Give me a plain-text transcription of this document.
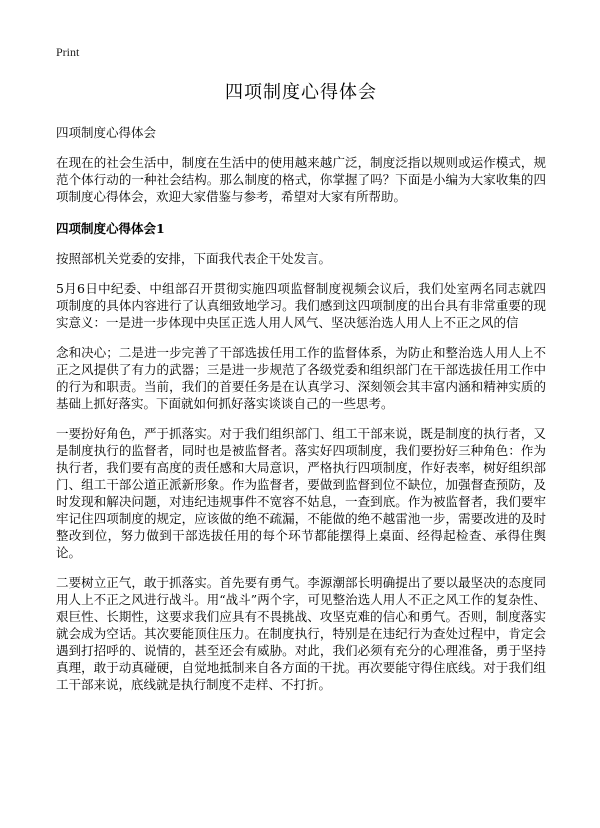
Print
四项制度心得体会
四项制度心得体会

在现在的社会生活中，制度在生活中的使用越来越广泛，制度泛指以规则或运作模式，规范个体行动的一种社会结构。那么制度的格式，你掌握了吗？下面是小编为大家收集的四项制度心得体会，欢迎大家借鉴与参考，希望对大家有所帮助。

四项制度心得体会1

按照部机关党委的安排，下面我代表企干处发言。

5月6日中纪委、中组部召开贯彻实施四项监督制度视频会议后，我们处室两名同志就四项制度的具体内容进行了认真细致地学习。我们感到这四项制度的出台具有非常重要的现实意义：一是进一步体现中央匡正选人用人风气、坚决惩治选人用人上不正之风的信

念和决心；二是进一步完善了干部选拔任用工作的监督体系，为防止和整治选人用人上不正之风提供了有力的武器；三是进一步规范了各级党委和组织部门在干部选拔任用工作中的行为和职责。当前，我们的首要任务是在认真学习、深刻领会其丰富内涵和精神实质的基础上抓好落实。下面就如何抓好落实谈谈自己的一些思考。

一要扮好角色，严于抓落实。对于我们组织部门、组工干部来说，既是制度的执行者，又是制度执行的监督者，同时也是被监督者。落实好四项制度，我们要扮好三种角色：作为执行者，我们要有高度的责任感和大局意识，严格执行四项制度，作好表率，树好组织部门、组工干部公道正派新形象。作为监督者，要做到监督到位不缺位，加强督查预防，及时发现和解决问题，对违纪违规事件不宽容不姑息，一查到底。作为被监督者，我们要牢牢记住四项制度的规定，应该做的绝不疏漏，不能做的绝不越雷池一步，需要改进的及时整改到位，努力做到干部选拔任用的每个环节都能摆得上桌面、经得起检查、承得住舆论。

二要树立正气，敢于抓落实。首先要有勇气。李源潮部长明确提出了要以最坚决的态度同用人上不正之风进行战斗。用“战斗”两个字，可见整治选人用人不正之风工作的复杂性、艰巨性、长期性，这要求我们应具有不畏挑战、攻坚克难的信心和勇气。否则，制度落实就会成为空话。其次要能顶住压力。在制度执行，特别是在违纪行为查处过程中，肯定会遇到打招呼的、说情的，甚至还会有威胁。对此，我们必须有充分的心理准备，勇于坚持真理，敢于动真碰硬，自觉地抵制来自各方面的干扰。再次要能守得住底线。对于我们组工干部来说，底线就是执行制度不走样、不打折。
